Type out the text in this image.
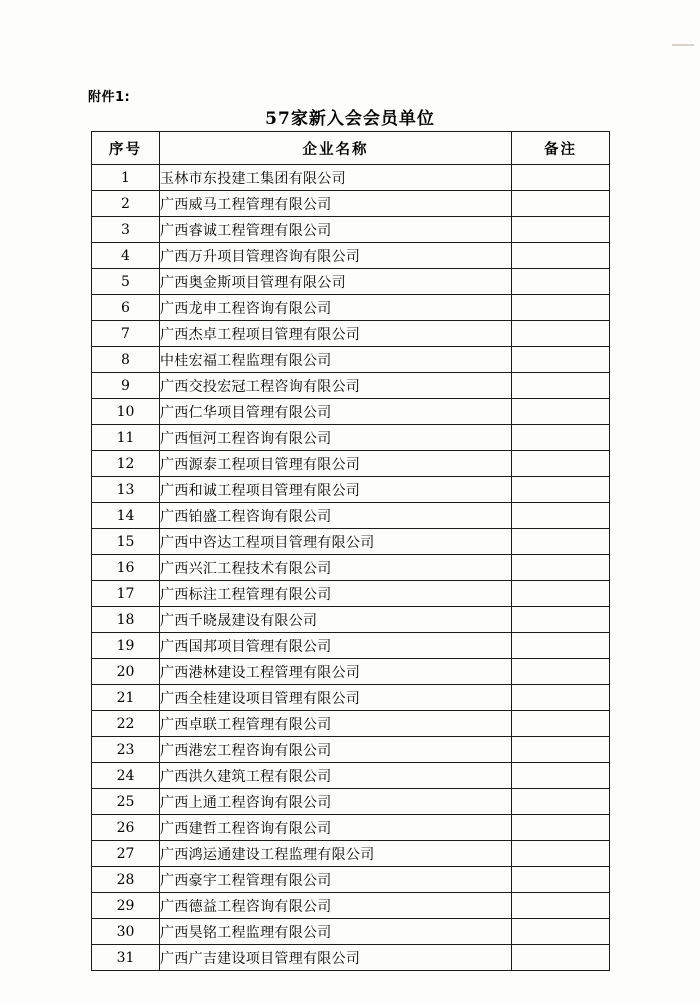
附件1:
57家新入会会员单位
序号	企业名称	备注
1	玉林市东投建工集团有限公司	
2	广西威马工程管理有限公司	
3	广西睿诚工程管理有限公司	
4	广西万升项目管理咨询有限公司	
5	广西奥金斯项目管理有限公司	
6	广西龙申工程咨询有限公司	
7	广西杰卓工程项目管理有限公司	
8	中桂宏福工程监理有限公司	
9	广西交投宏冠工程咨询有限公司	
10	广西仁华项目管理有限公司	
11	广西恒河工程咨询有限公司	
12	广西源泰工程项目管理有限公司	
13	广西和诚工程项目管理有限公司	
14	广西铂盛工程咨询有限公司	
15	广西中咨达工程项目管理有限公司	
16	广西兴汇工程技术有限公司	
17	广西标注工程管理有限公司	
18	广西千晓晟建设有限公司	
19	广西国邦项目管理有限公司	
20	广西港林建设工程管理有限公司	
21	广西全桂建设项目管理有限公司	
22	广西卓联工程管理有限公司	
23	广西港宏工程咨询有限公司	
24	广西洪久建筑工程有限公司	
25	广西上通工程咨询有限公司	
26	广西建哲工程咨询有限公司	
27	广西鸿运通建设工程监理有限公司	
28	广西豪宇工程管理有限公司	
29	广西德益工程咨询有限公司	
30	广西昊铭工程监理有限公司	
31	广西广吉建设项目管理有限公司	
